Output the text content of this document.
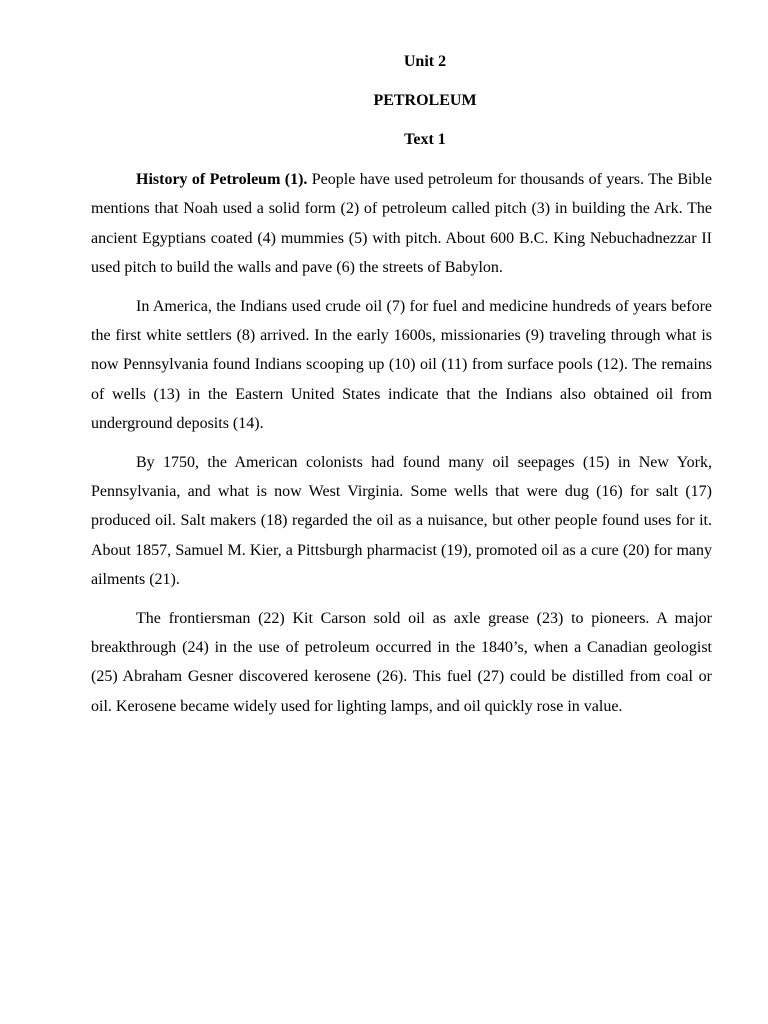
Unit 2

PETROLEUM

Text 1

History of Petroleum (1). People have used petroleum for thousands of years. The Bible mentions that Noah used a solid form (2) of petroleum called pitch (3) in building the Ark. The ancient Egyptians coated (4) mummies (5) with pitch. About 600 B.C. King Nebuchadnezzar II used pitch to build the walls and pave (6) the streets of Babylon.

In America, the Indians used crude oil (7) for fuel and medicine hundreds of years before the first white settlers (8) arrived. In the early 1600s, missionaries (9) traveling through what is now Pennsylvania found Indians scooping up (10) oil (11) from surface pools (12). The remains of wells (13) in the Eastern United States indicate that the Indians also obtained oil from underground deposits (14).

By 1750, the American colonists had found many oil seepages (15) in New York, Pennsylvania, and what is now West Virginia. Some wells that were dug (16) for salt (17) produced oil. Salt makers (18) regarded the oil as a nuisance, but other people found uses for it. About 1857, Samuel M. Kier, a Pittsburgh pharmacist (19), promoted oil as a cure (20) for many ailments (21).

The frontiersman (22) Kit Carson sold oil as axle grease (23) to pioneers. A major breakthrough (24) in the use of petroleum occurred in the 1840’s, when a Canadian geologist (25) Abraham Gesner discovered kerosene (26). This fuel (27) could be distilled from coal or oil. Kerosene became widely used for lighting lamps, and oil quickly rose in value.
